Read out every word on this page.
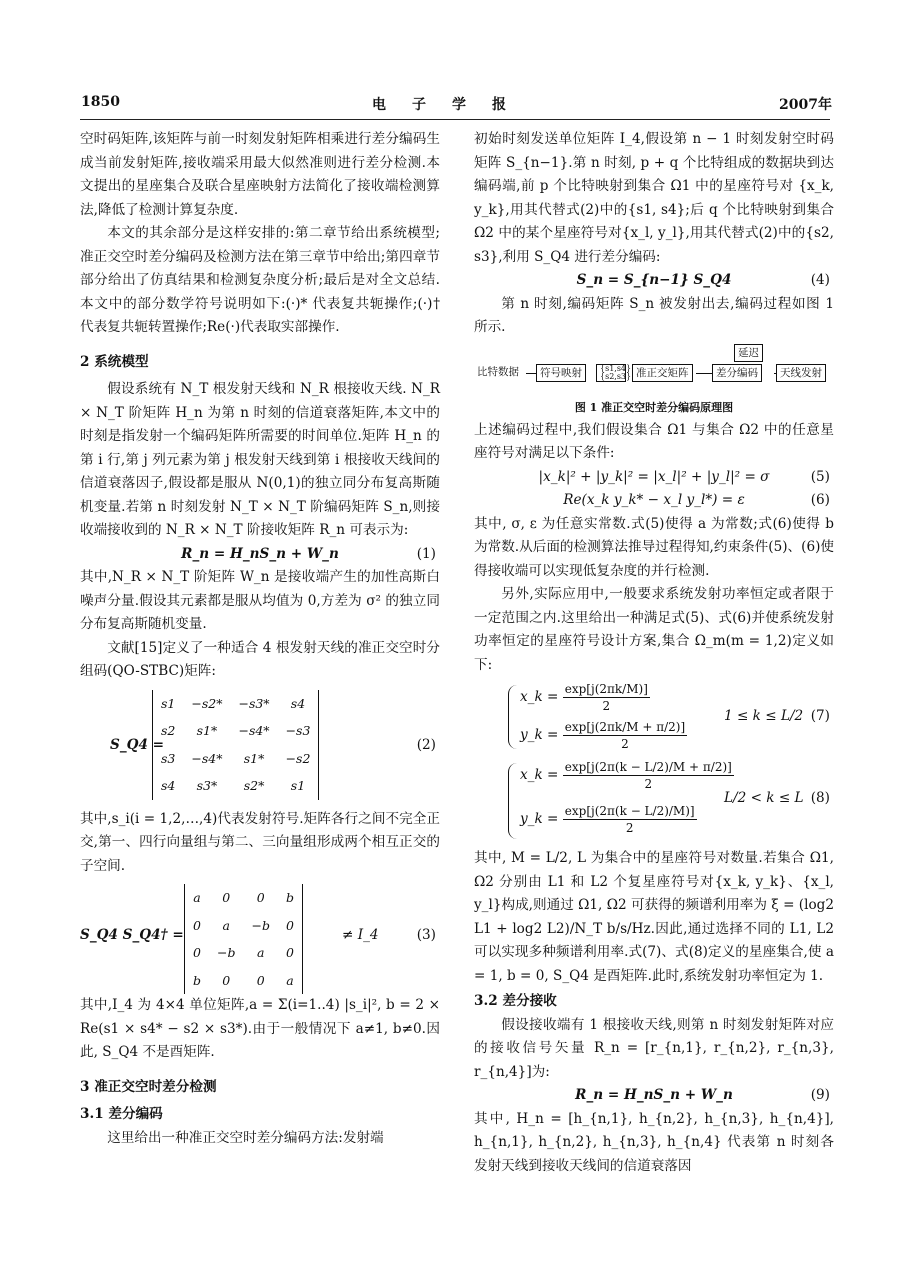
1850	电子学报	2007年

空时码矩阵,该矩阵与前一时刻发射矩阵相乘进行差分编码生成当前发射矩阵,接收端采用最大似然准则进行差分检测.本文提出的星座集合及联合星座映射方法简化了接收端检测算法,降低了检测计算复杂度.

本文的其余部分是这样安排的:第二章节给出系统模型;准正交空时差分编码及检测方法在第三章节中给出;第四章节部分给出了仿真结果和检测复杂度分析;最后是对全文总结.本文中的部分数学符号说明如下:(·)* 代表复共轭操作;(·)† 代表复共轭转置操作;Re(·)代表取实部操作.

2 系统模型

假设系统有 N_T 根发射天线和 N_R 根接收天线. N_R × N_T 阶矩阵 H_n 为第 n 时刻的信道衰落矩阵,本文中的时刻是指发射一个编码矩阵所需要的时间单位.矩阵 H_n 的第 i 行,第 j 列元素为第 j 根发射天线到第 i 根接收天线间的信道衰落因子,假设都是服从 N(0,1)的独立同分布复高斯随机变量.若第 n 时刻发射 N_T × N_T 阶编码矩阵 S_n,则接收端接收到的 N_R × N_T 阶接收矩阵 R_n 可表示为:

R_n = H_nS_n + W_n	(1)

其中,N_R × N_T 阶矩阵 W_n 是接收端产生的加性高斯白噪声分量.假设其元素都是服从均值为 0,方差为 σ² 的独立同分布复高斯随机变量.

文献[15]定义了一种适合 4 根发射天线的准正交空时分组码(QO-STBC)矩阵:

S_Q4 =
s1	−s2*	−s3*	s4
s2	s1*	−s4*	−s3
s3	−s4*	s1*	−s2
s4	s3*	s2*	s1
(2)

其中,s_i(i = 1,2,…,4)代表发射符号.矩阵各行之间不完全正交,第一、四行向量组与第二、三向量组形成两个相互正交的子空间.

S_Q4 S_Q4† =
a	0	0	b
0	a	−b	0
0	−b	a	0
b	0	0	a
≠ I_4	(3)

其中,I_4 为 4×4 单位矩阵,a = Σ(i=1..4) |s_i|², b = 2 × Re(s1 × s4* − s2 × s3*).由于一般情况下 a≠1, b≠0.因此, S_Q4 不是酉矩阵.

3 准正交空时差分检测
3.1 差分编码

这里给出一种准正交空时差分编码方法:发射端

初始时刻发送单位矩阵 I_4,假设第 n − 1 时刻发射空时码矩阵 S_{n−1}.第 n 时刻, p + q 个比特组成的数据块到达编码端,前 p 个比特映射到集合 Ω1 中的星座符号对 {x_k, y_k},用其代替式(2)中的{s1, s4};后 q 个比特映射到集合 Ω2 中的某个星座符号对{x_l, y_l},用其代替式(2)中的{s2, s3},利用 S_Q4 进行差分编码:

S_n = S_{n−1} S_Q4	(4)

第 n 时刻,编码矩阵 S_n 被发射出去,编码过程如图 1 所示.

比特数据	符号映射	{s1,s4} {s2,s3} 准正交矩阵	差分编码
延迟
天线发射
图 1 准正交空时差分编码原理图

上述编码过程中,我们假设集合 Ω1 与集合 Ω2 中的任意星座符号对满足以下条件:

|x_k|² + |y_k|² = |x_l|² + |y_l|² = σ	(5)
Re(x_k y_k* − x_l y_l*) = ε	(6)

其中, σ, ε 为任意实常数.式(5)使得 a 为常数;式(6)使得 b 为常数.从后面的检测算法推导过程得知,约束条件(5)、(6)使得接收端可以实现低复杂度的并行检测.

另外,实际应用中,一般要求系统发射功率恒定或者限于一定范围之内.这里给出一种满足式(5)、式(6)并使系统发射功率恒定的星座符号设计方案,集合 Ω_m(m = 1,2)定义如下:

x_k = $\frac{\exp[j(2\pi k/M)]}{2}$
y_k = $\frac{\exp[j(2\pi k/M + \pi/2)]}{2}$
1 ≤ k ≤ L/2 (7)
x_k = $\frac{\exp[j(2\pi(k - L/2)/M + \pi/2)]}{2}$
y_k = $\frac{\exp[j(2\pi(k - L/2)/M)]}{2}$
L/2 < k ≤ L (8)

其中, M = L/2, L 为集合中的星座符号对数量.若集合 Ω1, Ω2 分别由 L1 和 L2 个复星座符号对{x_k, y_k}、{x_l, y_l}构成,则通过 Ω1, Ω2 可获得的频谱利用率为 ξ = (log2 L1 + log2 L2)/N_T b/s/Hz.因此,通过选择不同的 L1, L2 可以实现多种频谱利用率.式(7)、式(8)定义的星座集合,使 a = 1, b = 0, S_Q4 是酉矩阵.此时,系统发射功率恒定为 1.

3.2 差分接收

假设接收端有 1 根接收天线,则第 n 时刻发射矩阵对应的接收信号矢量 R_n = [r_{n,1}, r_{n,2}, r_{n,3}, r_{n,4}]为:

R_n = H_nS_n + W_n	(9)

其中, H_n = [h_{n,1}, h_{n,2}, h_{n,3}, h_{n,4}], h_{n,1}, h_{n,2}, h_{n,3}, h_{n,4} 代表第 n 时刻各发射天线到接收天线间的信道衰落因
